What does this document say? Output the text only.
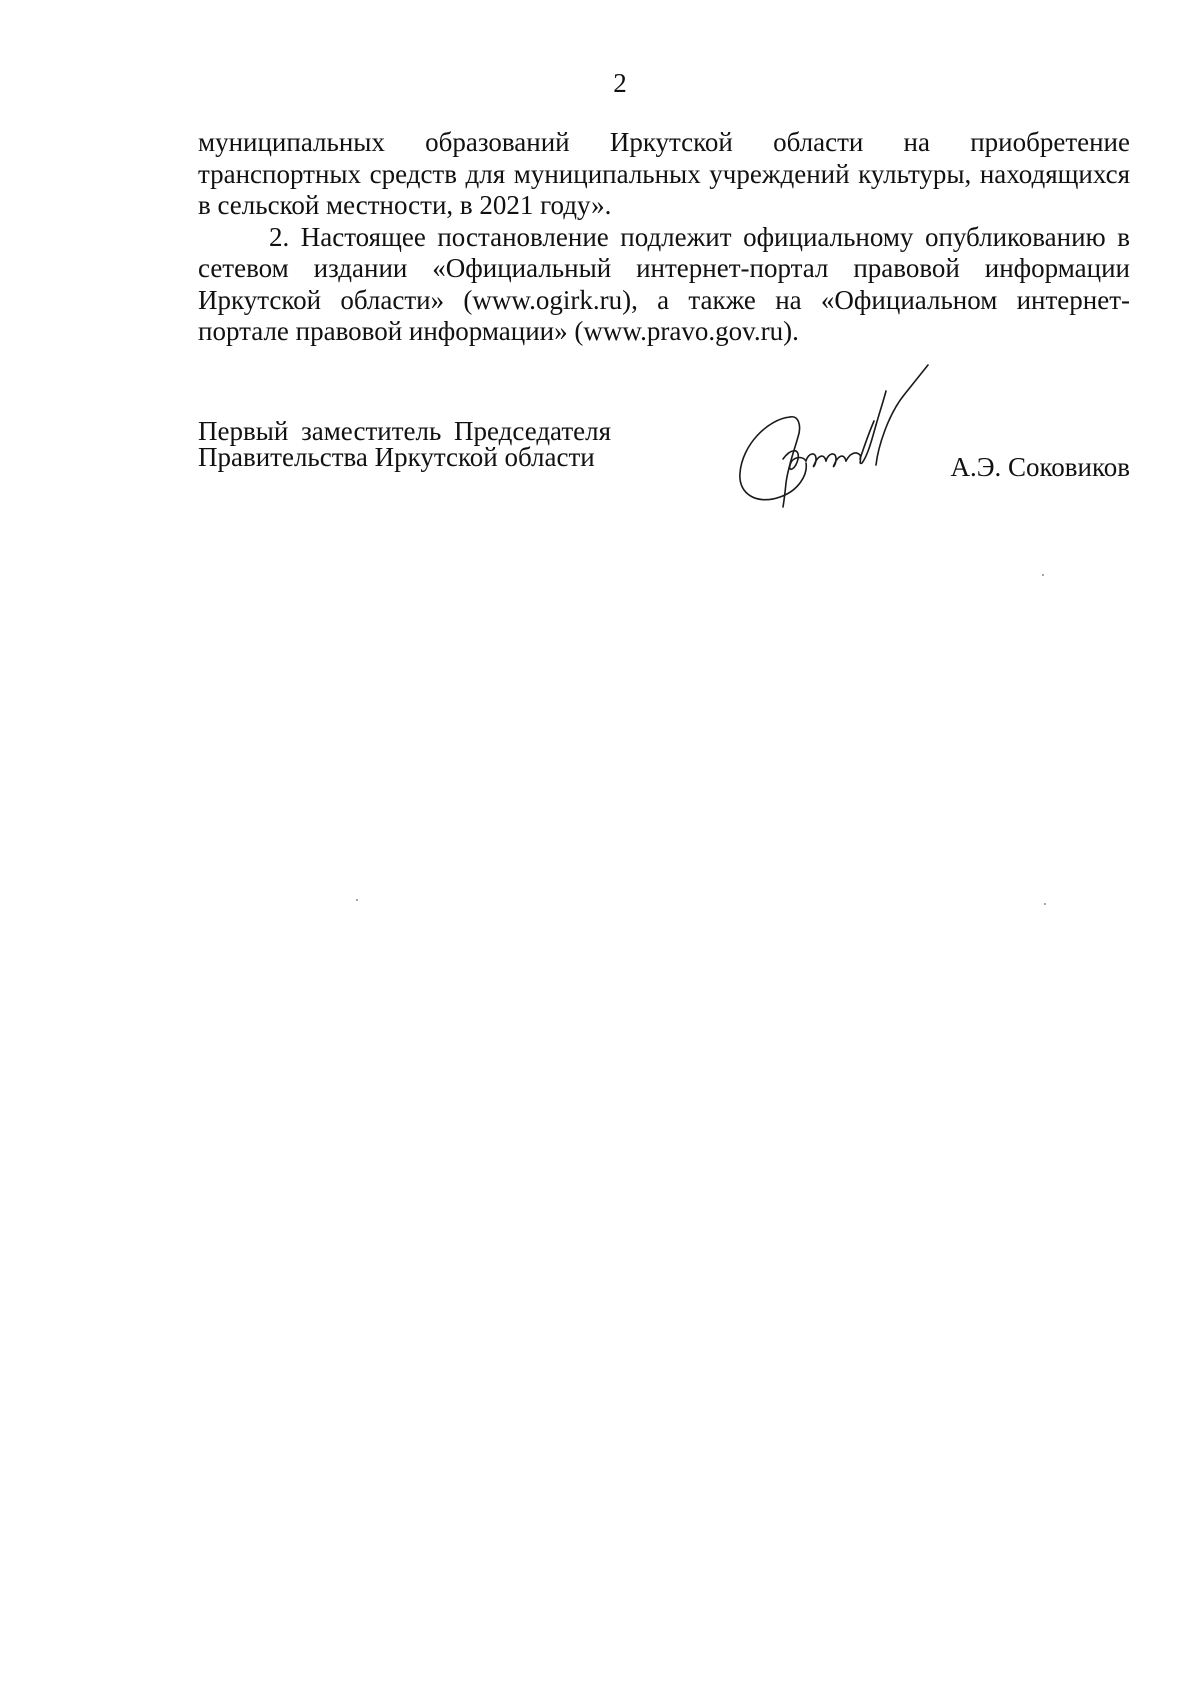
2

муниципальных образований Иркутской области на приобретение транспортных средств для муниципальных учреждений культуры, находящихся в сельской местности, в 2021 году».

2. Настоящее постановление подлежит официальному опубликованию в сетевом издании «Официальный интернет-портал правовой информации Иркутской области» (www.ogirk.ru), а также на «Официальном интернет-портале правовой информации» (www.pravo.gov.ru).

Первый заместитель Председателя
Правительства Иркутской области	А.Э. Соковиков
